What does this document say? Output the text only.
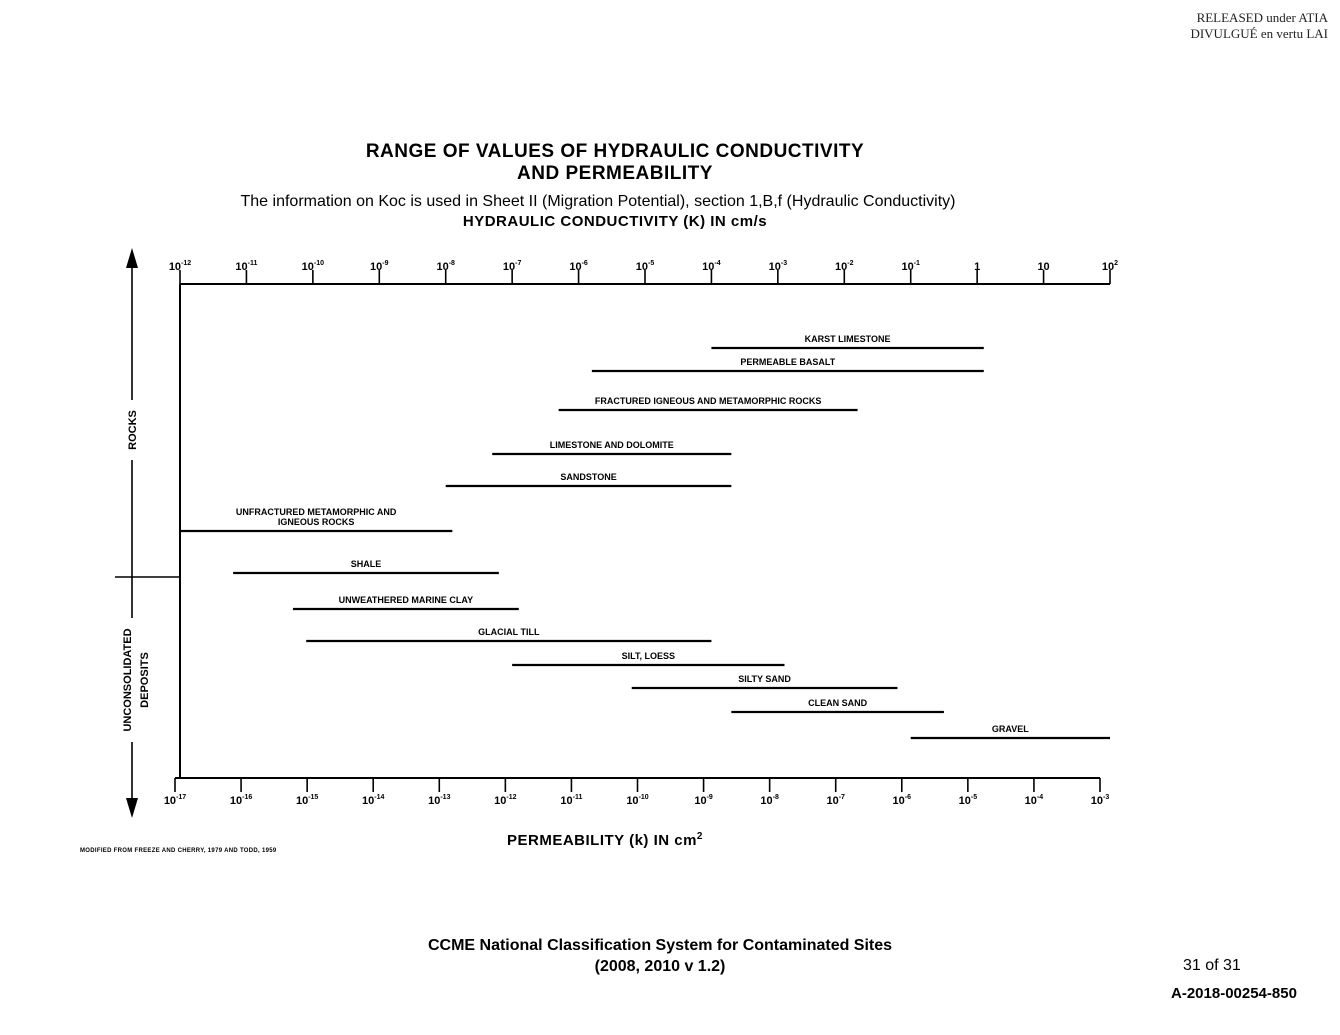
RELEASED under ATIA
DIVULGUÉ en vertu LAI
RANGE OF VALUES OF HYDRAULIC CONDUCTIVITY
AND PERMEABILITY
The information on Koc is used in Sheet II (Migration Potential), section 1,B,f (Hydraulic Conductivity)
HYDRAULIC CONDUCTIVITY (K) IN cm/s
$10^{-12}$	$10^{-11}$	$10^{-10}$	$10^{-9}$	$10^{-8}$	$10^{-7}$	$10^{-6}$	$10^{-5}$	$10^{-4}$	$10^{-3}$	$10^{-2}$	$10^{-1}$	1	10	$10^2$
$10^{-17}$	$10^{-16}$	$10^{-15}$	$10^{-14}$	$10^{-13}$	$10^{-12}$	$10^{-11}$	$10^{-10}$	$10^{-9}$	$10^{-8}$	$10^{-7}$	$10^{-6}$	$10^{-5}$	$10^{-4}$	$10^{-3}$
ROCKS
UNCONSOLIDATED DEPOSITS
KARST LIMESTONE
PERMEABLE BASALT
FRACTURED IGNEOUS AND METAMORPHIC ROCKS
LIMESTONE AND DOLOMITE
SANDSTONE
UNFRACTURED METAMORPHIC AND
IGNEOUS ROCKS
SHALE
UNWEATHERED MARINE CLAY
GLACIAL TILL
SILT, LOESS
SILTY SAND
CLEAN SAND
GRAVEL
PERMEABILITY (k) IN $cm^2$
MODIFIED FROM FREEZE AND CHERRY, 1979 AND TODD, 1959
CCME National Classification System for Contaminated Sites
(2008, 2010 v 1.2)	31 of 31
A-2018-00254-850
